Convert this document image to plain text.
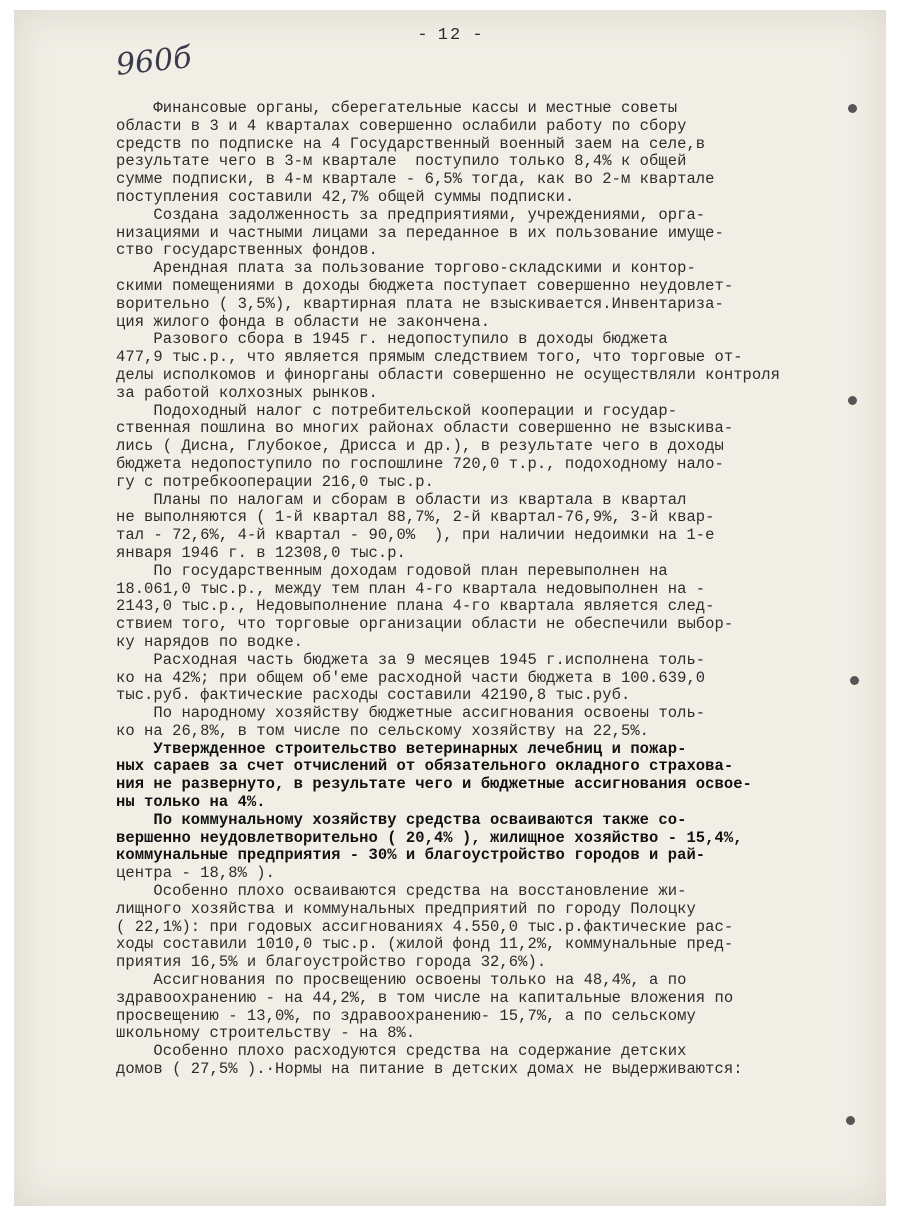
- 12 -
960б
Финансовые органы, сберегательные кассы и местные советы
области в 3 и 4 кварталах совершенно ослабили работу по сбору
средств по подписке на 4 Государственный военный заем на селе,в
результате чего в 3-м квартале  поступило только 8,4% к общей
сумме подписки, в 4-м квартале - 6,5% тогда, как во 2-м квартале
поступления составили 42,7% общей суммы подписки.
Создана задолженность за предприятиями, учреждениями, орга-
низациями и частными лицами за переданное в их пользование имуще-
ство государственных фондов.
Арендная плата за пользование торгово-складскими и контор-
скими помещениями в доходы бюджета поступает совершенно неудовлет-
ворительно ( 3,5%), квартирная плата не взыскивается.Инвентариза-
ция жилого фонда в области не закончена.
Разового сбора в 1945 г. недопоступило в доходы бюджета
477,9 тыс.р., что является прямым следствием того, что торговые от-
делы исполкомов и финорганы области совершенно не осуществляли контроля
за работой колхозных рынков.
Подоходный налог с потребительской кооперации и государ-
ственная пошлина во многих районах области совершенно не взыскива-
лись ( Дисна, Глубокое, Дрисса и др.), в результате чего в доходы
бюджета недопоступило по госпошлине 720,0 т.р., подоходному нало-
гу с потребкооперации 216,0 тыс.р.
Планы по налогам и сборам в области из квартала в квартал
не выполняются ( 1-й квартал 88,7%, 2-й квартал-76,9%, 3-й квар-
тал - 72,6%, 4-й квартал - 90,0%  ), при наличии недоимки на 1-е
января 1946 г. в 12308,0 тыс.р.
По государственным доходам годовой план перевыполнен на
18.061,0 тыс.р., между тем план 4-го квартала недовыполнен на -
2143,0 тыс.р., Недовыполнение плана 4-го квартала является след-
ствием того, что торговые организации области не обеспечили выбор-
ку нарядов по водке.
Расходная часть бюджета за 9 месяцев 1945 г.исполнена толь-
ко на 42%; при общем об'еме расходной части бюджета в 100.639,0
тыс.руб. фактические расходы составили 42190,8 тыс.руб.
По народному хозяйству бюджетные ассигнования освоены толь-
ко на 26,8%, в том числе по сельскому хозяйству на 22,5%.
Утвержденное строительство ветеринарных лечебниц и пожар-
ных сараев за счет отчислений от обязательного окладного страхова-
ния не развернуто, в результате чего и бюджетные ассигнования освое-
ны только на 4%.
По коммунальному хозяйству средства осваиваются также со-
вершенно неудовлетворительно ( 20,4% ), жилищное хозяйство - 15,4%,
коммунальные предприятия - 30% и благоустройство городов и рай-
центра - 18,8% ).
Особенно плохо осваиваются средства на восстановление жи-
лищного хозяйства и коммунальных предприятий по городу Полоцку
( 22,1%): при годовых ассигнованиях 4.550,0 тыс.р.фактические рас-
ходы составили 1010,0 тыс.р. (жилой фонд 11,2%, коммунальные пред-
приятия 16,5% и благоустройство города 32,6%).
Ассигнования по просвещению освоены только на 48,4%, а по
здравоохранению - на 44,2%, в том числе на капитальные вложения по
просвещению - 13,0%, по здравоохранению- 15,7%, а по сельскому
школьному строительству - на 8%.
Особенно плохо расходуются средства на содержание детских
домов ( 27,5% ).·Нормы на питание в детских домах не выдерживаются:
